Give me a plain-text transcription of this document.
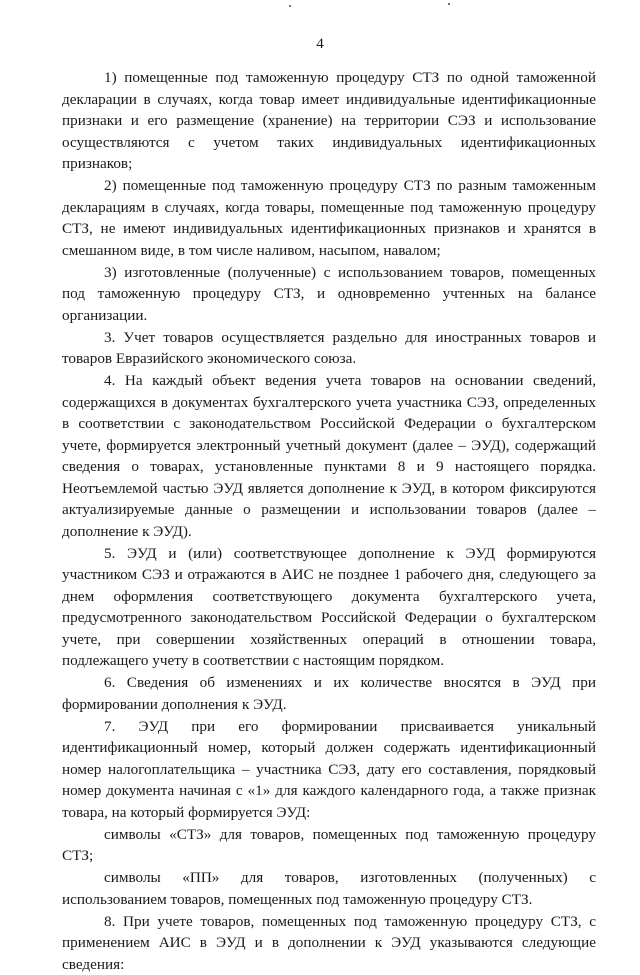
4

1) помещенные под таможенную процедуру СТЗ по одной таможенной декларации в случаях, когда товар имеет индивидуальные идентификационные признаки и его размещение (хранение) на территории СЭЗ и использование осуществляются с учетом таких индивидуальных идентификационных признаков;

2) помещенные под таможенную процедуру СТЗ по разным таможенным декларациям в случаях, когда товары, помещенные под таможенную процедуру СТЗ, не имеют индивидуальных идентификационных признаков и хранятся в смешанном виде, в том числе наливом, насыпом, навалом;

3) изготовленные (полученные) с использованием товаров, помещенных под таможенную процедуру СТЗ, и одновременно учтенных на балансе организации.

3. Учет товаров осуществляется раздельно для иностранных товаров и товаров Евразийского экономического союза.

4. На каждый объект ведения учета товаров на основании сведений, содержащихся в документах бухгалтерского учета участника СЭЗ, определенных в соответствии с законодательством Российской Федерации о бухгалтерском учете, формируется электронный учетный документ (далее – ЭУД), содержащий сведения о товарах, установленные пунктами 8 и 9 настоящего порядка. Неотъемлемой частью ЭУД является дополнение к ЭУД, в котором фиксируются актуализируемые данные о размещении и использовании товаров (далее – дополнение к ЭУД).

5. ЭУД и (или) соответствующее дополнение к ЭУД формируются участником СЭЗ и отражаются в АИС не позднее 1 рабочего дня, следующего за днем оформления соответствующего документа бухгалтерского учета, предусмотренного законодательством Российской Федерации о бухгалтерском учете, при совершении хозяйственных операций в отношении товара, подлежащего учету в соответствии с настоящим порядком.

6. Сведения об изменениях и их количестве вносятся в ЭУД при формировании дополнения к ЭУД.

7. ЭУД при его формировании присваивается уникальный идентификационный номер, который должен содержать идентификационный номер налогоплательщика – участника СЭЗ, дату его составления, порядковый номер документа начиная с «1» для каждого календарного года, а также признак товара, на который формируется ЭУД:

символы «СТЗ» для товаров, помещенных под таможенную процедуру СТЗ;

символы «ПП» для товаров, изготовленных (полученных) с использованием товаров, помещенных под таможенную процедуру СТЗ.

8. При учете товаров, помещенных под таможенную процедуру СТЗ, с применением АИС в ЭУД и в дополнении к ЭУД указываются следующие сведения:
